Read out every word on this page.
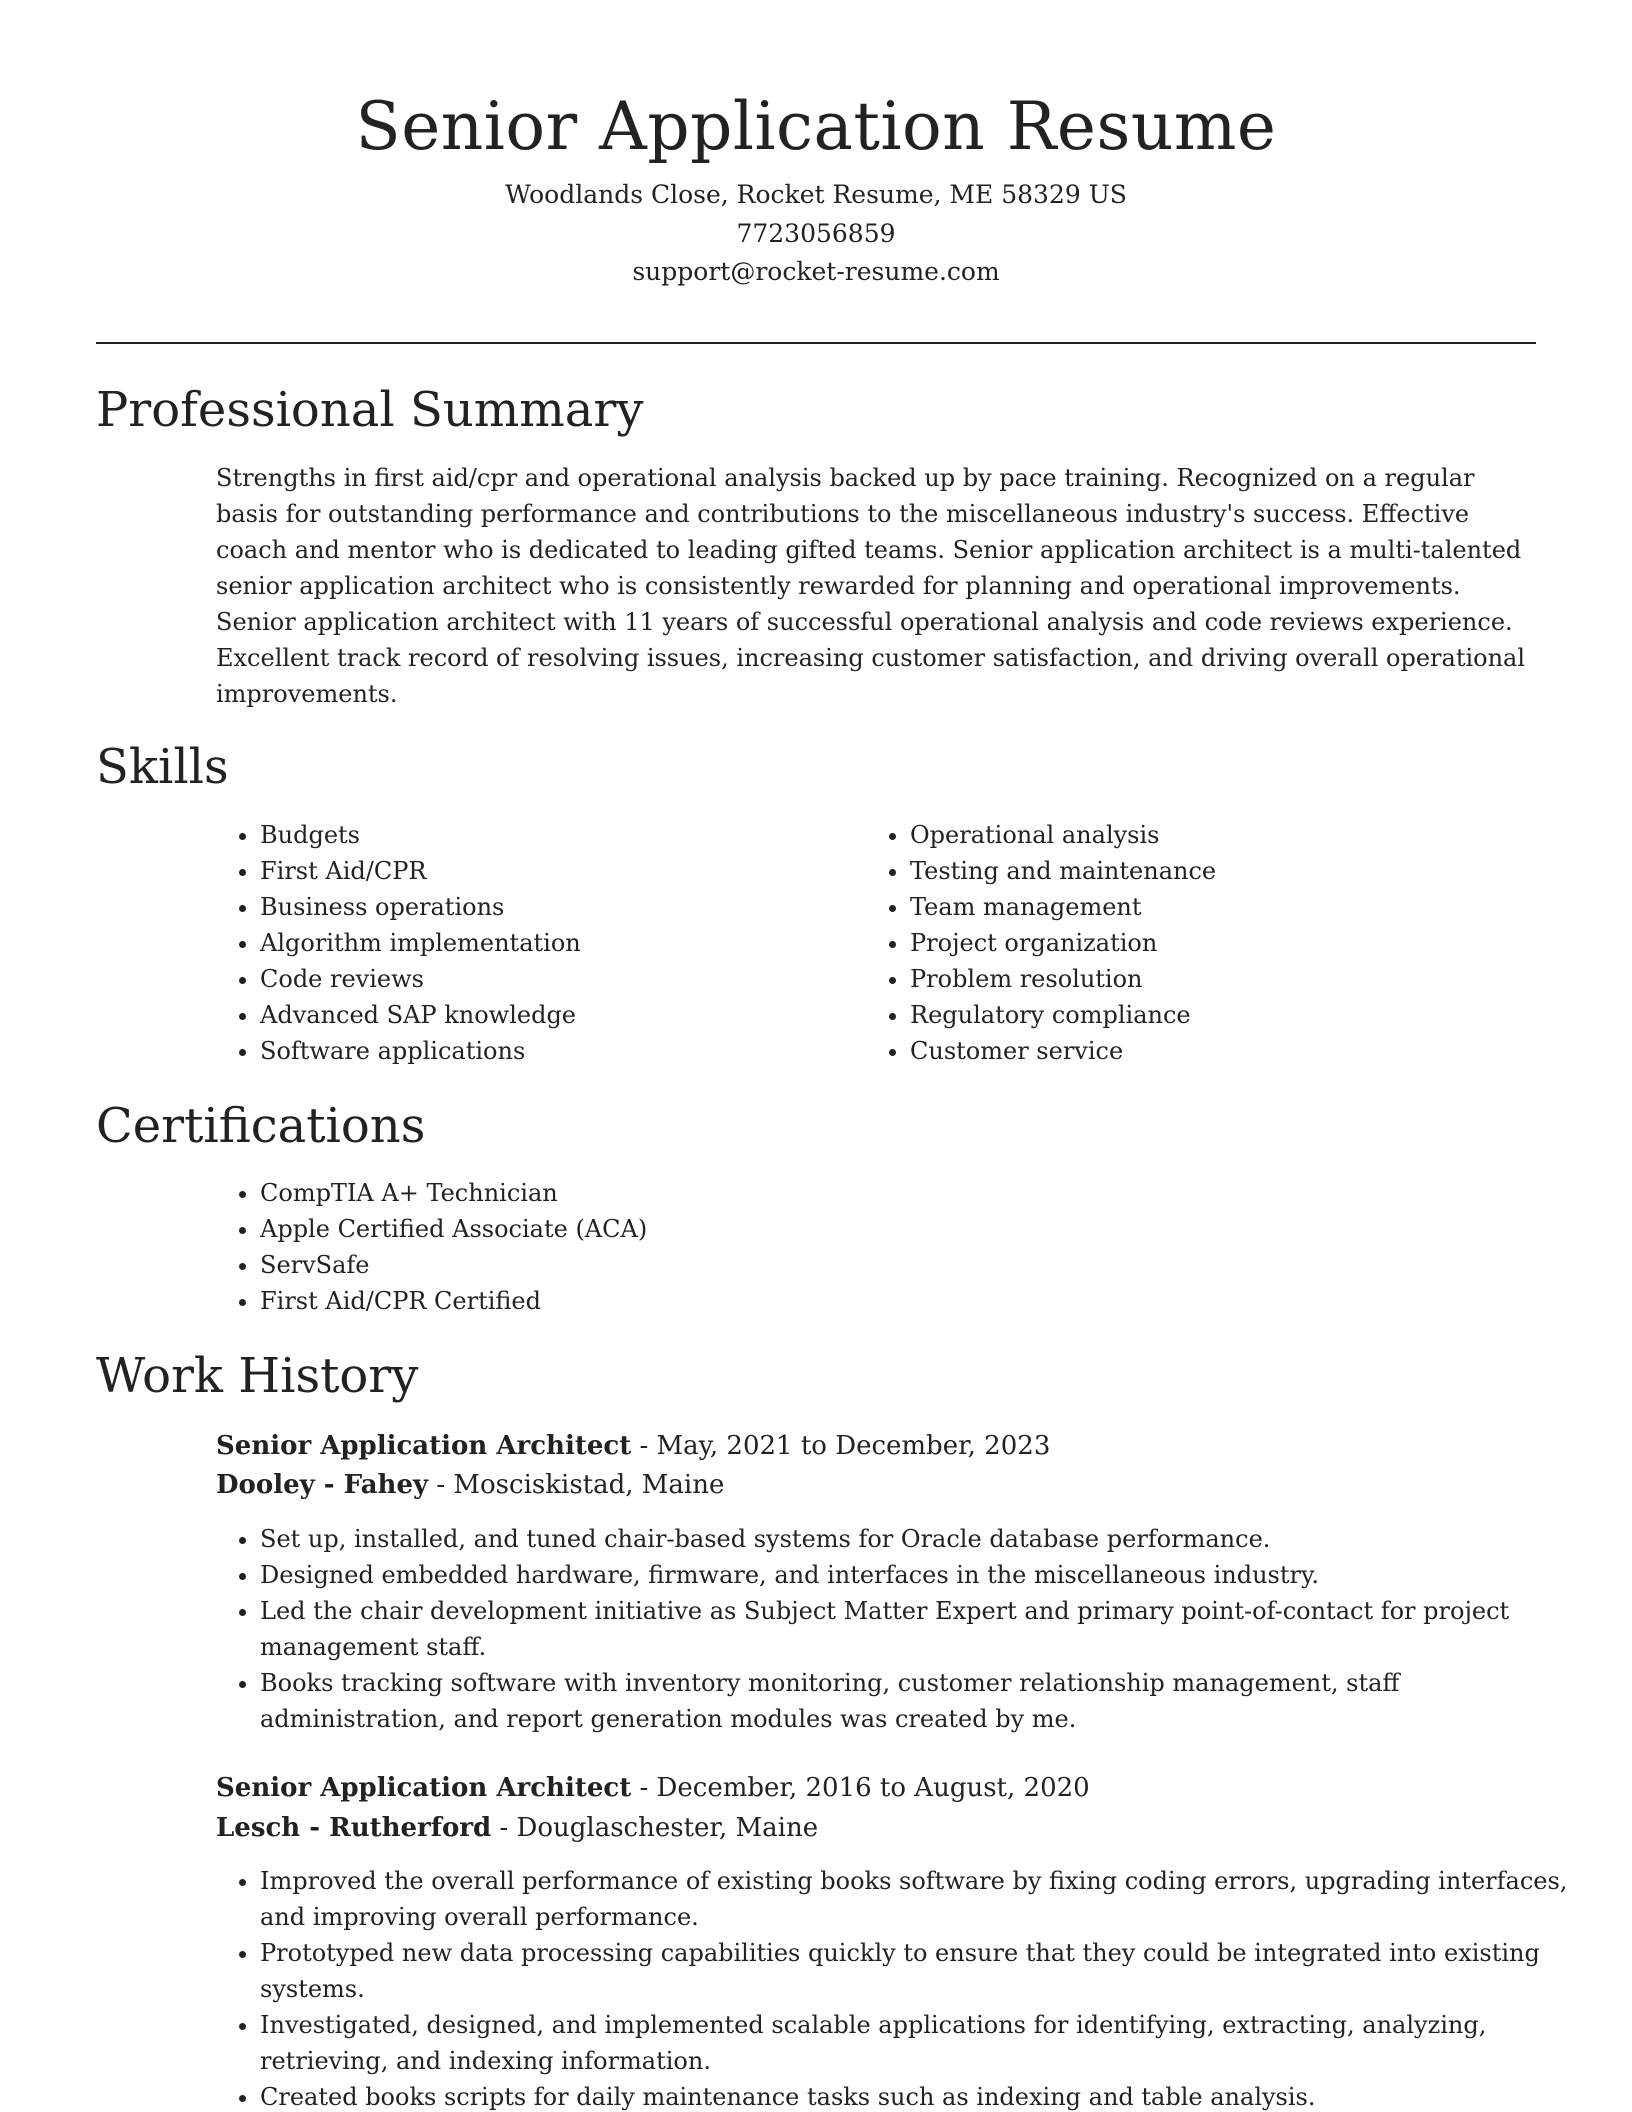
Senior Application Resume
Woodlands Close, Rocket Resume, ME 58329 US
7723056859
support@rocket-resume.com
Professional Summary

Strengths in first aid/cpr and operational analysis backed up by pace training. Recognized on a regular basis for outstanding performance and contributions to the miscellaneous industry's success. Effective coach and mentor who is dedicated to leading gifted teams. Senior application architect is a multi-talented senior application architect who is consistently rewarded for planning and operational improvements. Senior application architect with 11 years of successful operational analysis and code reviews experience. Excellent track record of resolving issues, increasing customer satisfaction, and driving overall operational improvements.

Skills
• Budgets
• First Aid/CPR
• Business operations
• Algorithm implementation
• Code reviews
• Advanced SAP knowledge
• Software applications
• Operational analysis
• Testing and maintenance
• Team management
• Project organization
• Problem resolution
• Regulatory compliance
• Customer service
Certifications
• CompTIA A+ Technician
• Apple Certified Associate (ACA)
• ServSafe
• First Aid/CPR Certified
Work History
Senior Application Architect - May, 2021 to December, 2023
Dooley - Fahey - Mosciskistad, Maine
• Set up, installed, and tuned chair-based systems for Oracle database performance.
• Designed embedded hardware, firmware, and interfaces in the miscellaneous industry.
• Led the chair development initiative as Subject Matter Expert and primary point-of-contact for project management staff.
• Books tracking software with inventory monitoring, customer relationship management, staff administration, and report generation modules was created by me.
Senior Application Architect - December, 2016 to August, 2020
Lesch - Rutherford - Douglaschester, Maine
• Improved the overall performance of existing books software by fixing coding errors, upgrading interfaces, and improving overall performance.
• Prototyped new data processing capabilities quickly to ensure that they could be integrated into existing systems.
• Investigated, designed, and implemented scalable applications for identifying, extracting, analyzing, retrieving, and indexing information.
• Created books scripts for daily maintenance tasks such as indexing and table analysis.
